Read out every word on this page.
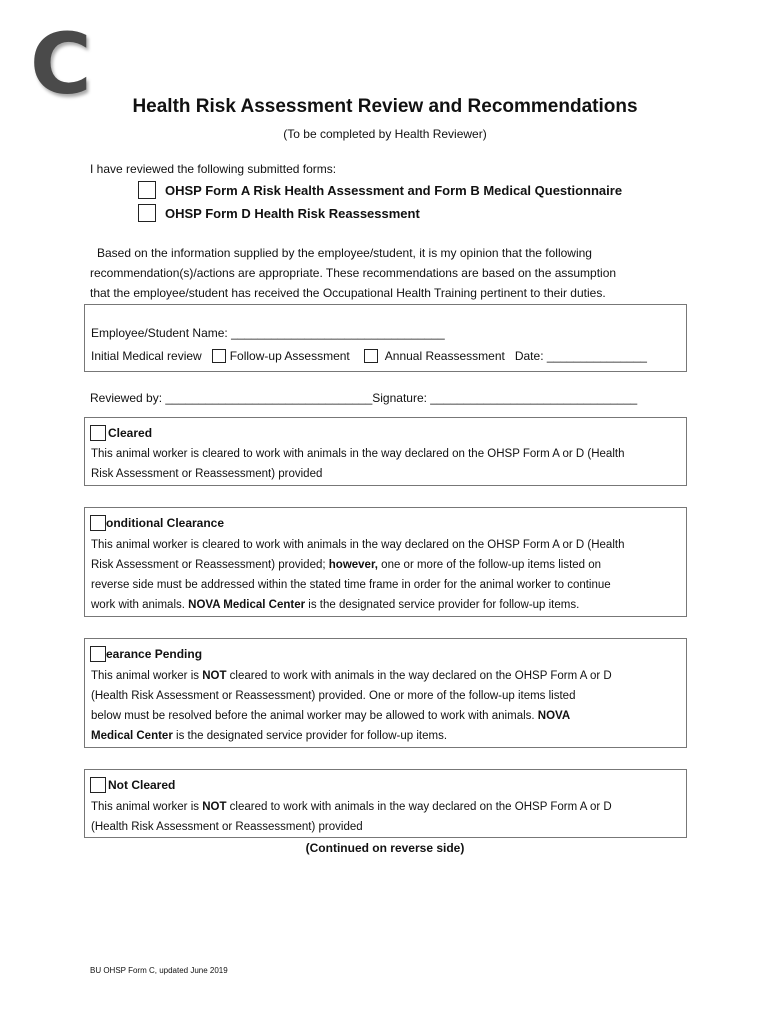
C	Health Risk Assessment Review and Recommendations
(To be completed by Health Reviewer)
I have reviewed the following submitted forms:
OHSP Form A Risk Health Assessment and Form B Medical Questionnaire
OHSP Form D Health Risk Reassessment
Based on the information supplied by the employee/student, it is my opinion that the following
recommendation(s)/actions are appropriate. These recommendations are based on the assumption
that the employee/student has received the Occupational Health Training pertinent to their duties.
Employee/Student Name: ________________________________
Initial Medical review Follow-up Assessment	Annual Reassessment Date: _______________
Reviewed by: _______________________________Signature: _______________________________
Cleared
This animal worker is cleared to work with animals in the way declared on the OHSP Form A or D (Health
Risk Assessment or Reassessment) provided
onditional Clearance
This animal worker is cleared to work with animals in the way declared on the OHSP Form A or D (Health
Risk Assessment or Reassessment) provided; however, one or more of the follow-up items listed on
reverse side must be addressed within the stated time frame in order for the animal worker to continue
work with animals. NOVA Medical Center is the designated service provider for follow-up items.
earance Pending
This animal worker is NOT cleared to work with animals in the way declared on the OHSP Form A or D
(Health Risk Assessment or Reassessment) provided. One or more of the follow-up items listed
below must be resolved before the animal worker may be allowed to work with animals. NOVA
Medical Center is the designated service provider for follow-up items.
Not Cleared
This animal worker is NOT cleared to work with animals in the way declared on the OHSP Form A or D
(Health Risk Assessment or Reassessment) provided
(Continued on reverse side)
BU OHSP Form C, updated June 2019
